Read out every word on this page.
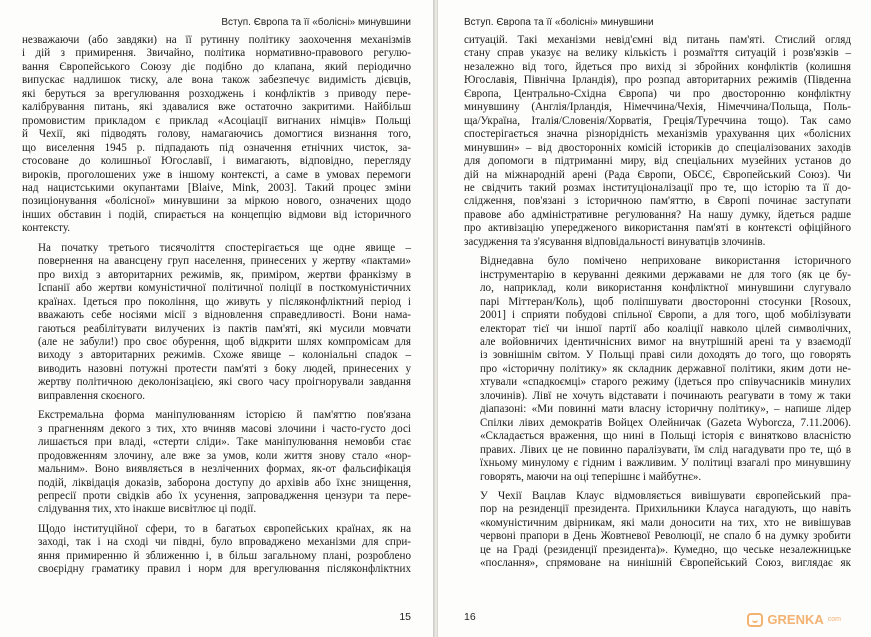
Вступ. Європа та її «болісні» минувшини

незважаючи (або завдяки) на її рутинну політику заохочення механізмів
і дій з примирення. Звичайно, політика нормативно-правового регулю-
вання Європейського Союзу діє подібно до клапана, який періодично
випускає надлишок тиску, але вона також забезпечує видимість дієвців,
які беруться за врегулювання розходжень і конфліктів з приводу пере-
калібрування питань, які здавалися вже остаточно закритими. Найбільш
промовистим прикладом є приклад «Асоціації вигнаних німців» Польщі
й Чехії, які підводять голову, намагаючись домогтися визнання того,
що виселення 1945 р. підпадають під означення етнічних чисток, за-
стосоване до колишньої Югославії, і вимагають, відповідно, перегляду
вироків, проголошених уже в іншому контексті, а саме в умовах перемоги
над нацистськими окупантами [Blaive, Mink, 2003]. Такий процес зміни
позиціонування «болісної» минувшини за міркою нового, означених щодо
інших обставин і подій, спирається на концепцію відмови від історичного
контексту.

На початку третього тисячоліття спостерігається ще одне явище –
повернення на авансцену груп населення, принесених у жертву «пактами»
про вихід з авторитарних режимів, як, приміром, жертви франкізму в
Іспанії або жертви комуністичної політичної поліції в посткомуністичних
країнах. Ідеться про покоління, що живуть у післяконфліктний період і
вважають себе носіями місії з відновлення справедливості. Вони нама-
гаються реабілітувати вилучених із пактів пам'яті, які мусили мовчати
(але не забули!) про своє обурення, щоб відкрити шлях компромісам для
виходу з авторитарних режимів. Схоже явище – колоніальні спадок –
виводить назовні потужні протести пам'яті з боку людей, принесених у
жертву політичною деколонізацією, які свого часу проігнорували завдання
виправлення скоєного.

Екстремальна форма маніпулюванням історією й пам'яттю пов'язана
з прагненням декого з тих, хто вчиняв масові злочини і часто-густо досі
лишається при владі, «стерти сліди». Таке маніпулювання немовби стає
продовженням злочину, але вже за умов, коли життя знову стало «нор-
мальним». Воно виявляється в незліченних формах, як-от фальсифікація
подій, ліквідація доказів, заборона доступу до архівів або їхнє знищення,
репресії проти свідків або їх усунення, запровадження цензури та пере-
слідування тих, хто інакше висвітлює ці події.

Щодо інституційної сфери, то в багатьох європейських країнах, як на
заході, так і на сході чи півдні, було впроваджено механізми для спри-
яння примиренню й зближенню і, в більш загальному плані, розроблено
своєрідну граматику правил і норм для врегулювання післяконфліктних

15
Вступ. Європа та її «болісні» минувшини

ситуацій. Такі механізми невід'ємні від питань пам'яті. Стислий огляд
стану справ указує на велику кількість і розмаїття ситуацій і розв'язків –
незалежно від того, йдеться про вихід зі збройних конфліктів (колишня
Югославія, Північна Ірландія), про розпад авторитарних режимів (Південна
Європа, Центрально-Східна Європа) чи про двосторонню конфліктну
минувшину (Англія/Ірландія, Німеччина/Чехія, Німеччина/Польща, Поль-
ща/Україна, Італія/Словенія/Хорватія, Греція/Туреччина тощо). Так само
спостерігається значна різнорідність механізмів урахування цих «болісних
минувшин» – від двосторонніх комісій істориків до спеціалізованих заходів
для допомоги в підтриманні миру, від спеціальних музейних установ до
дій на міжнародній арені (Рада Європи, ОБСЄ, Європейський Союз). Чи
не свідчить такий розмах інституціоналізації про те, що історію та її до-
слідження, пов'язані з історичною пам'яттю, в Європі починає заступати
правове або адміністративне регулювання? На нашу думку, йдеться радше
про активізацію упередженого використання пам'яті в контексті офіційного
засудження та з'ясування відповідальності винуватців злочинів.

Віднедавна було помічено неприховане використання історичного
інструментарію в керуванні деякими державами не для того (як це бу-
ло, наприклад, коли використання конфліктної минувшини слугувало
парі Міттеран/Коль), щоб поліпшувати двосторонні стосунки [Rosoux,
2001] і сприяти побудові спільної Європи, а для того, щоб мобілізувати
електорат тієї чи іншої партії або коаліції навколо цілей символічних,
але войовничих ідентичнісних вимог на внутрішній арені та у взаємодії
із зовнішнім світом. У Польщі праві сили доходять до того, що говорять
про «історичну політику» як складник державної політики, яким доти не-
хтували «спадкоємці» старого режиму (ідеться про співучасників минулих
злочинів). Лівї не хочуть відставати і починають реагувати в тому ж таки
діапазоні: «Ми повинні мати власну історичну політику», – напише лідер
Спілки лівих демократів Войцех Олейничак (Gazeta Wyborcza, 7.11.2006).
«Складається враження, що нині в Польщі історія є винятково власністю
правих. Лівих це не повинно паралізувати, їм слід нагадувати про те, щó в
їхньому минулому є гідним і важливим. У політиці взагалі про минувшину
говорять, маючи на оці теперішнє і майбутнє».

У Чехії Вацлав Клаус відмовляється вивішувати європейський пра-
пор на резиденції президента. Прихильники Клауса нагадують, що навіть
«комуністичним двірникам, які мали доносити на тих, хто не вивішував
червоні прапори в День Жовтневої Революції, не спало б на думку зробити
це на Граді (резиденції президента)». Кумедно, що чеське незалежницьке
«послання», спрямоване на нинішній Європейський Союз, виглядає як

16	GRENKA com
